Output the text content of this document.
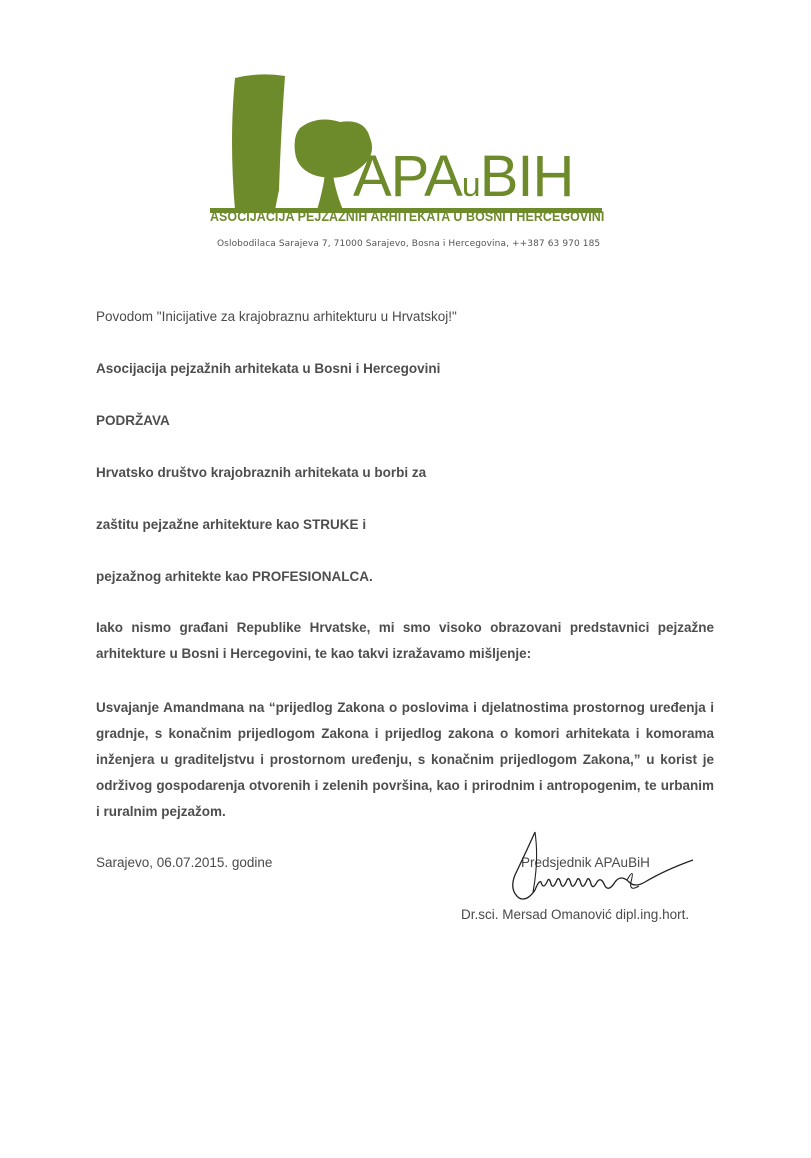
APAuBIH
ASOCIJACIJA PEJZAŽNIH ARHITEKATA U BOSNI I HERCEGOVINI
Oslobodilaca Sarajeva 7, 71000 Sarajevo, Bosna i Hercegovina, ++387 63 970 185
Povodom "Inicijative za krajobraznu arhitekturu u Hrvatskoj!"
Asocijacija pejzažnih arhitekata u Bosni i Hercegovini
PODRŽAVA
Hrvatsko društvo krajobraznih arhitekata u borbi za
zaštitu pejzažne arhitekture kao STRUKE i
pejzažnog arhitekte kao PROFESIONALCA.
Iako nismo građani Republike Hrvatske, mi smo visoko obrazovani predstavnici pejzažne arhitekture u Bosni i Hercegovini, te kao takvi izražavamo mišljenje:
Usvajanje Amandmana na “prijedlog Zakona o poslovima i djelatnostima prostornog uređenja i gradnje, s konačnim prijedlogom Zakona i prijedlog zakona o komori arhitekata i komorama inženjera u graditeljstvu i prostornom uređenju, s konačnim prijedlogom Zakona,” u korist je održivog gospodarenja otvorenih i zelenih površina, kao i prirodnim i antropogenim, te urbanim i ruralnim pejzažom.
Sarajevo, 06.07.2015. godine	Predsjednik APAuBiH
Dr.sci. Mersad Omanović dipl.ing.hort.
